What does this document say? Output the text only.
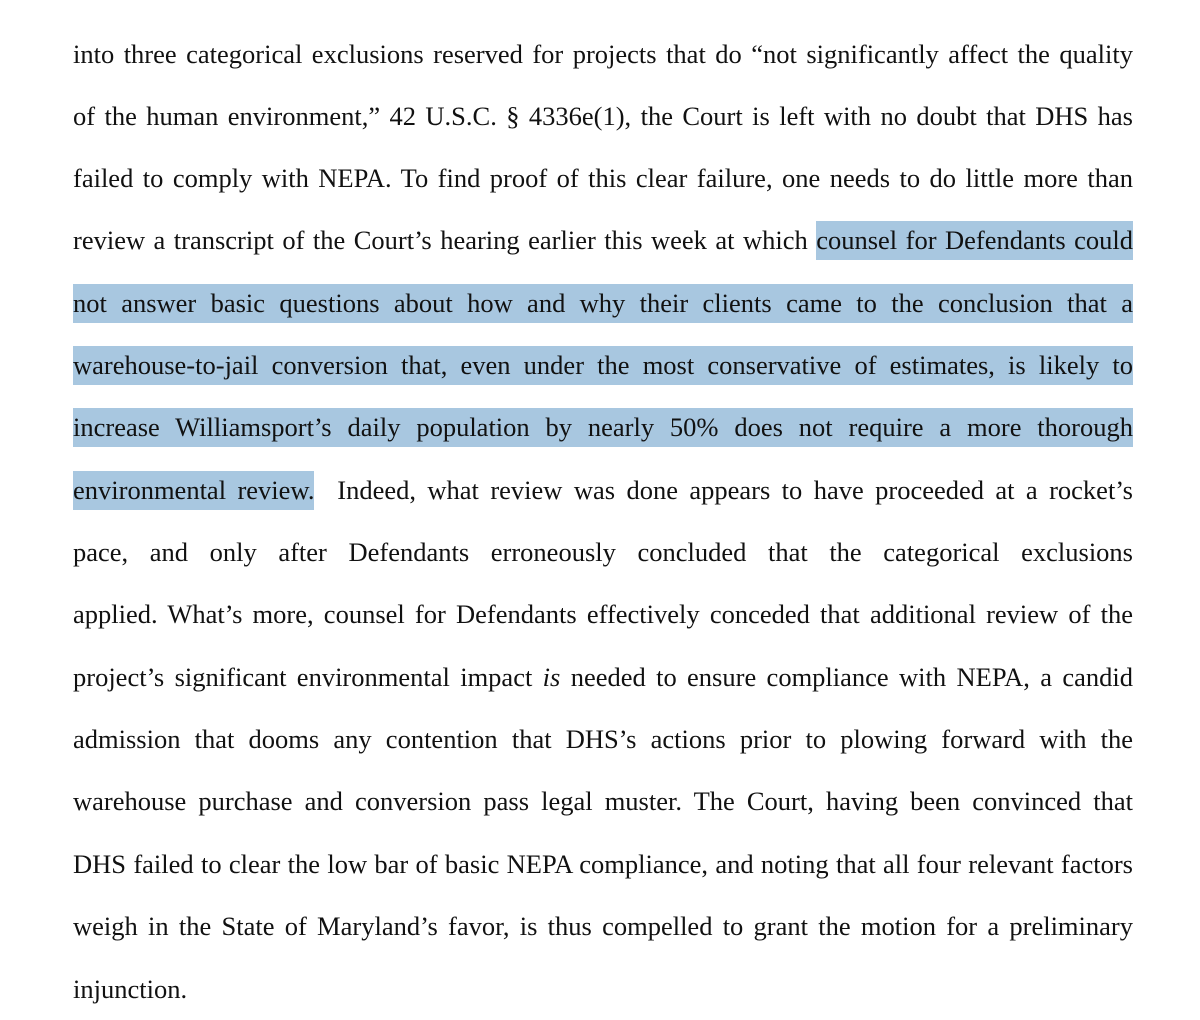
into three categorical exclusions reserved for projects that do “not significantly affect the quality
of the human environment,” 42 U.S.C. § 4336e(1), the Court is left with no doubt that DHS has
failed to comply with NEPA. To find proof of this clear failure, one needs to do little more than
review a transcript of the Court’s hearing earlier this week at which counsel for Defendants could
not answer basic questions about how and why their clients came to the conclusion that a
warehouse-to-jail conversion that, even under the most conservative of estimates, is likely to
increase Williamsport’s daily population by nearly 50% does not require a more thorough
environmental review.  Indeed, what review was done appears to have proceeded at a rocket’s
pace, and only after Defendants erroneously concluded that the categorical exclusions
applied. What’s more, counsel for Defendants effectively conceded that additional review of the
project’s significant environmental impact is needed to ensure compliance with NEPA, a candid
admission that dooms any contention that DHS’s actions prior to plowing forward with the
warehouse purchase and conversion pass legal muster. The Court, having been convinced that
DHS failed to clear the low bar of basic NEPA compliance, and noting that all four relevant factors
weigh in the State of Maryland’s favor, is thus compelled to grant the motion for a preliminary
injunction.
